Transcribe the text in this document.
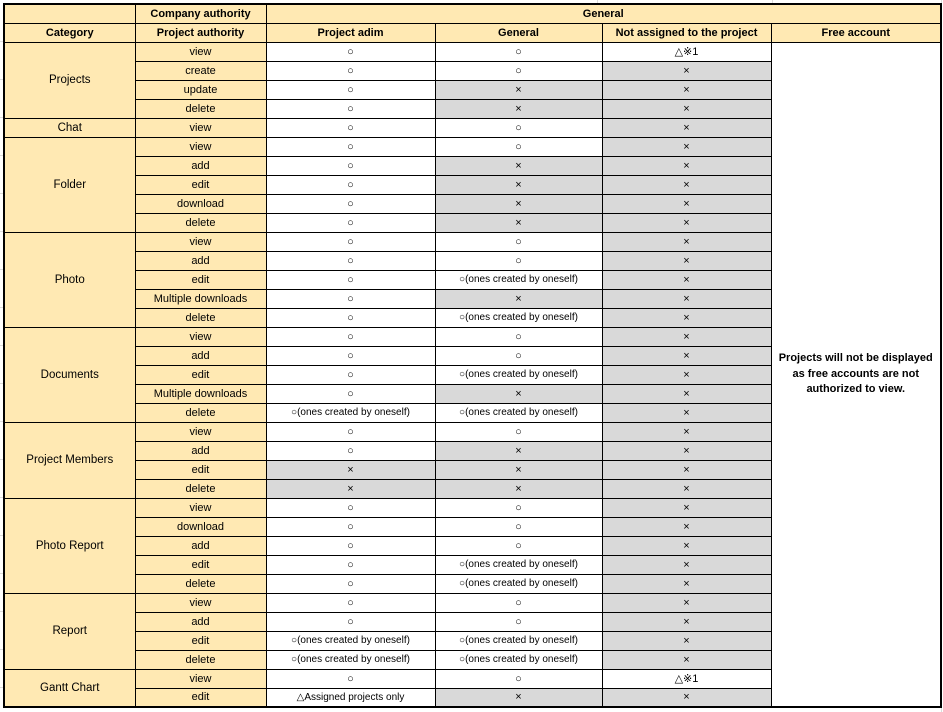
	Company authority	General			
Category	Project authority	Project adim	General	Not assigned to the project	Free account
Projects	view	○	○	△※1	Projects will not be displayed as free accounts are not authorized to view.

	create	○	○	×	
	update	○	×	×	
	delete	○	×	×	
Chat	view	○	○	×	
Folder	view	○	○	×	
	add	○	×	×	
	edit	○	×	×	
	download	○	×	×	
	delete	○	×	×	
Photo	view	○	○	×	
	add	○	○	×	
	edit	○	○(ones created by oneself)	×	
	Multiple downloads	○	×	×	
	delete	○	○(ones created by oneself)	×	
Documents	view	○	○	×	
	add	○	○	×	
	edit	○	○(ones created by oneself)	×	
	Multiple downloads	○	×	×	
	delete	○(ones created by oneself)	○(ones created by oneself)	×	
Project Members	view	○	○	×	
	add	○	×	×	
	edit	×	×	×	
	delete	×	×	×	
Photo Report	view	○	○	×	
	download	○	○	×	
	add	○	○	×	
	edit	○	○(ones created by oneself)	×	
	delete	○	○(ones created by oneself)	×	
Report	view	○	○	×	
	add	○	○	×	
	edit	○(ones created by oneself)	○(ones created by oneself)	×	
	delete	○(ones created by oneself)	○(ones created by oneself)	×	
Gantt Chart	view	○	○	△※1	
	edit	△Assigned projects only	×	×	
